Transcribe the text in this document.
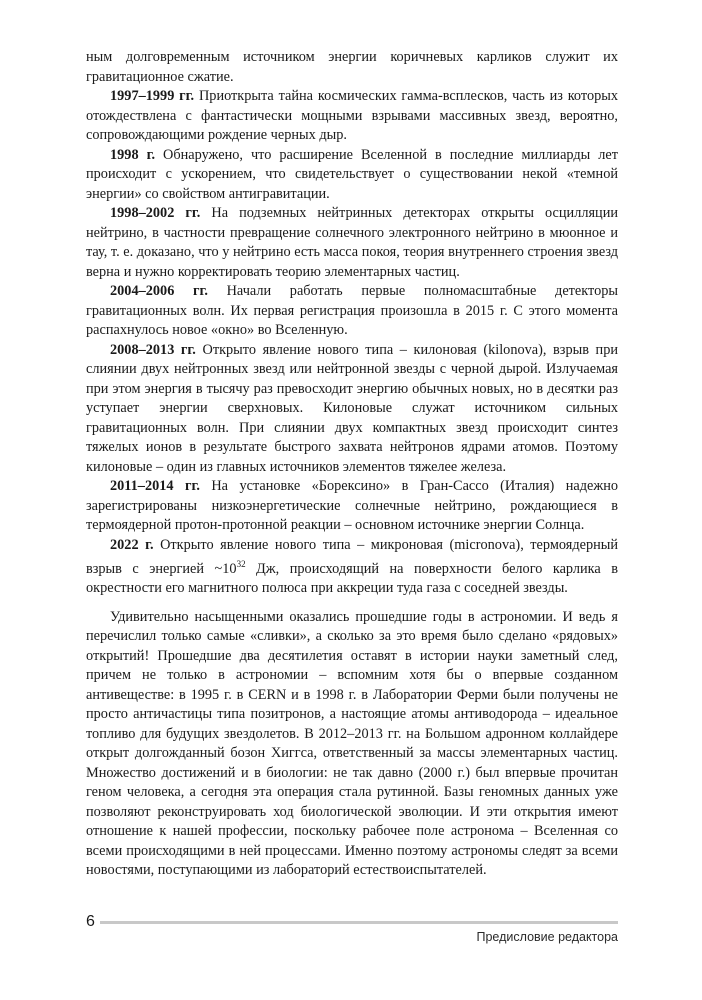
ным долговременным источником энергии коричневых карликов служит их гравитационное сжатие.

1997–1999 гг. Приоткрыта тайна космических гамма-всплесков, часть из которых отождествлена с фантастически мощными взрывами массивных звезд, вероятно, сопровождающими рождение черных дыр.

1998 г. Обнаружено, что расширение Вселенной в последние миллиарды лет происходит с ускорением, что свидетельствует о существовании некой «темной энергии» со свойством антигравитации.

1998–2002 гг. На подземных нейтринных детекторах открыты осцилляции нейтрино, в частности превращение солнечного электронного нейтрино в мюонное и тау, т. е. доказано, что у нейтрино есть масса покоя, теория внутреннего строения звезд верна и нужно корректировать теорию элементарных частиц.

2004–2006 гг. Начали работать первые полномасштабные детекторы гравитационных волн. Их первая регистрация произошла в 2015 г. С этого момента распахнулось новое «окно» во Вселенную.

2008–2013 гг. Открыто явление нового типа – килоновая (kilonova), взрыв при слиянии двух нейтронных звезд или нейтронной звезды с черной дырой. Излучаемая при этом энергия в тысячу раз превосходит энергию обычных новых, но в десятки раз уступает энергии сверхновых. Килоновые служат источником сильных гравитационных волн. При слиянии двух компактных звезд происходит синтез тяжелых ионов в результате быстрого захвата нейтронов ядрами атомов. Поэтому килоновые – один из главных источников элементов тяжелее железа.

2011–2014 гг. На установке «Борексино» в Гран-Сассо (Италия) надежно зарегистрированы низкоэнергетические солнечные нейтрино, рождающиеся в термоядерной протон-протонной реакции – основном источнике энергии Солнца.

2022 г. Открыто явление нового типа – микроновая (micronova), термоядерный взрыв с энергией $\sim 10^{32}$ Дж, происходящий на поверхности белого карлика в окрестности его магнитного полюса при аккреции туда газа с соседней звезды.

Удивительно насыщенными оказались прошедшие годы в астрономии. И ведь я перечислил только самые «сливки», а сколько за это время было сделано «рядовых» открытий! Прошедшие два десятилетия оставят в истории науки заметный след, причем не только в астрономии – вспомним хотя бы о впервые созданном антивеществе: в 1995 г. в CERN и в 1998 г. в Лаборатории Ферми были получены не просто античастицы типа позитронов, а настоящие атомы антиводорода – идеальное топливо для будущих звездолетов. В 2012–2013 гг. на Большом адронном коллайдере открыт долгожданный бозон Хиггса, ответственный за массы элементарных частиц. Множество достижений и в биологии: не так давно (2000 г.) был впервые прочитан геном человека, а сегодня эта операция стала рутинной. Базы геномных данных уже позволяют реконструировать ход биологической эволюции. И эти открытия имеют отношение к нашей профессии, поскольку рабочее поле астронома – Вселенная со всеми происходящими в ней процессами. Именно поэтому астрономы следят за всеми новостями, поступающими из лабораторий естествоиспытателей.

6
Предисловие редактора
